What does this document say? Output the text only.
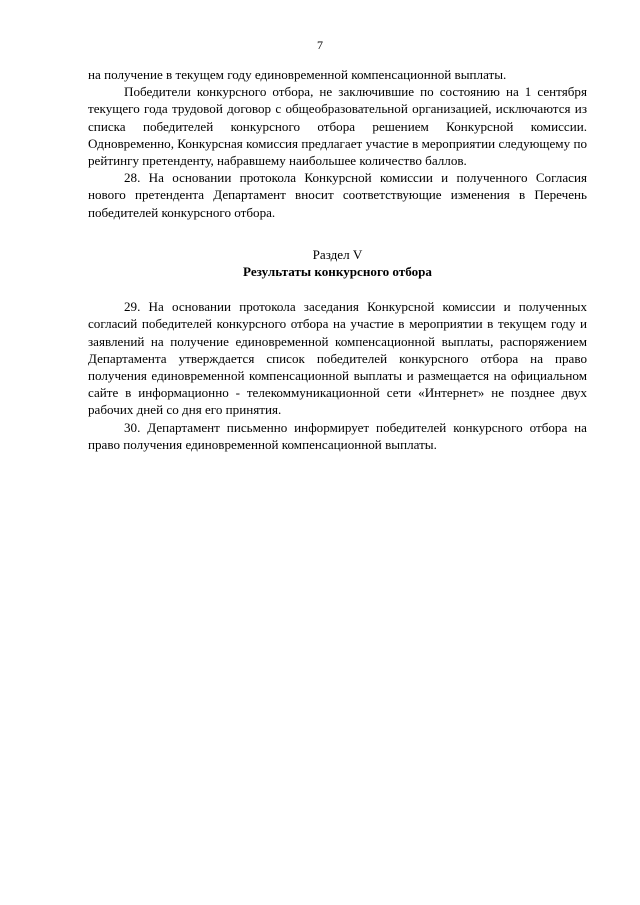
7

на получение в текущем году единовременной компенсационной выплаты.

Победители конкурсного отбора, не заключившие по состоянию на 1 сентября текущего года трудовой договор с общеобразовательной организацией, исключаются из списка победителей конкурсного отбора решением Конкурсной комиссии. Одновременно, Конкурсная комиссия предлагает участие в мероприятии следующему по рейтингу претенденту, набравшему наибольшее количество баллов.

28. На основании протокола Конкурсной комиссии и полученного Согласия нового претендента Департамент вносит соответствующие изменения в Перечень победителей конкурсного отбора.

Раздел V
Результаты конкурсного отбора

29. На основании протокола заседания Конкурсной комиссии и полученных согласий победителей конкурсного отбора на участие в мероприятии в текущем году и заявлений на получение единовременной компенсационной выплаты, распоряжением Департамента утверждается список победителей конкурсного отбора на право получения единовременной компенсационной выплаты и размещается на официальном сайте в информационно - телекоммуникационной сети «Интернет» не позднее двух рабочих дней со дня его принятия.

30. Департамент письменно информирует победителей конкурсного отбора на право получения единовременной компенсационной выплаты.
